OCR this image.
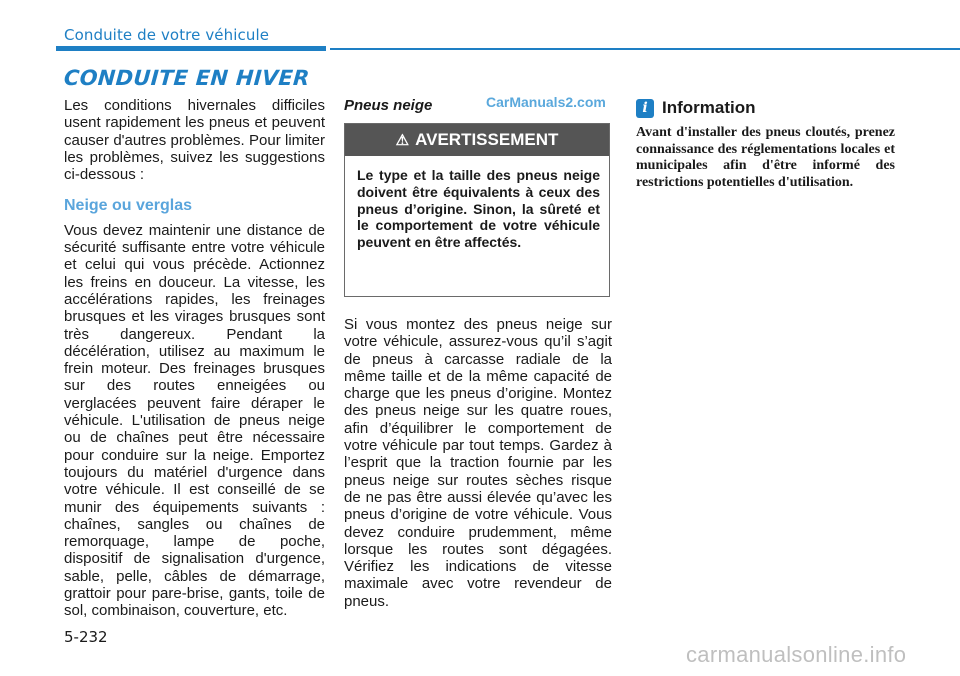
Conduite de votre véhicule
CONDUITE EN HIVER

Les conditions hivernales difficiles usent rapidement les pneus et peuvent causer d'autres problèmes. Pour limiter les problèmes, suivez les suggestions ci-dessous :

Neige ou verglas

Vous devez maintenir une distance de sécurité suffisante entre votre véhicule et celui qui vous précède. Actionnez les freins en douceur. La vitesse, les accélérations rapides, les freinages brusques et les virages brusques sont très dangereux. Pendant la décélération, utilisez au maximum le frein moteur. Des freinages brusques sur des routes enneigées ou verglacées peuvent faire déraper le véhicule. L'utilisation de pneus neige ou de chaînes peut être nécessaire pour conduire sur la neige. Emportez toujours du matériel d'urgence dans votre véhicule. Il est conseillé de se munir des équipements suivants : chaînes, sangles ou chaînes de remorquage, lampe de poche, dispositif de signalisation d'urgence, sable, pelle, câbles de démarrage, grattoir pour pare-brise, gants, toile de sol, combinaison, couverture, etc.

Pneus neige	CarManuals2.com
⚠ AVERTISSEMENT
Le type et la taille des pneus neige doivent être équivalents à ceux des pneus d’origine. Sinon, la sûreté et le comportement de votre véhicule peuvent en être affectés.

Si vous montez des pneus neige sur votre véhicule, assurez-vous qu’il s’agit de pneus à carcasse radiale de la même taille et de la même capacité de charge que les pneus d’origine. Montez des pneus neige sur les quatre roues, afin d’équilibrer le comportement de votre véhicule par tout temps. Gardez à l’esprit que la traction fournie par les pneus neige sur routes sèches risque de ne pas être aussi élevée qu’avec les pneus d’origine de votre véhicule. Vous devez conduire prudemment, même lorsque les routes sont dégagées. Vérifiez les indications de vitesse maximale avec votre revendeur de pneus.

i Information
Avant d'installer des pneus cloutés, prenez connaissance des réglementations locales et municipales afin d'être informé des restrictions potentielles d'utilisation.
5-232
carmanualsonline.info
